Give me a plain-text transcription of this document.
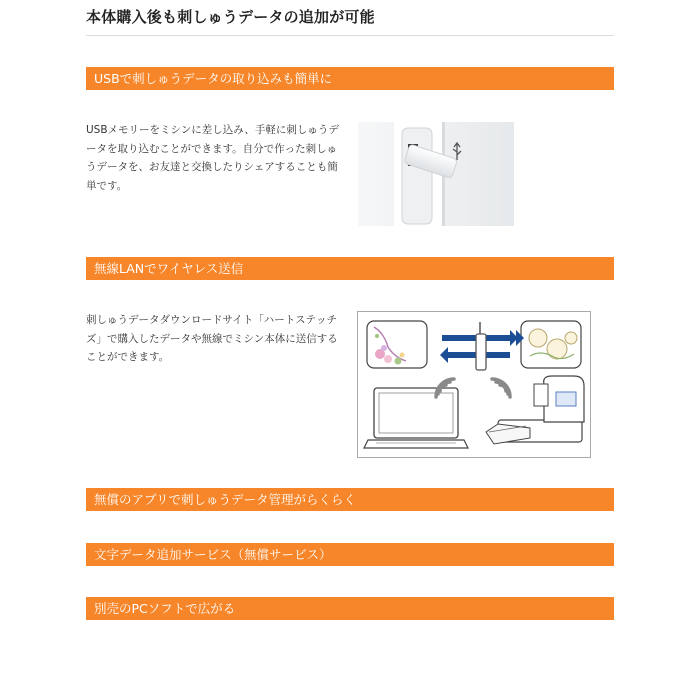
本体購入後も刺しゅうデータの追加が可能
USBで刺しゅうデータの取り込みも簡単に

USBメモリーをミシンに差し込み、手軽に刺しゅうデータを取り込むことができます。自分で作った刺しゅうデータを、お友達と交換したりシェアすることも簡単です。

無線LANでワイヤレス送信

刺しゅうデータダウンロードサイト「ハートステッチズ」で購入したデータや無線でミシン本体に送信することができます。

無償のアプリで刺しゅうデータ管理がらくらく
文字データ追加サービス（無償サービス）
別売のPCソフトで広がる
